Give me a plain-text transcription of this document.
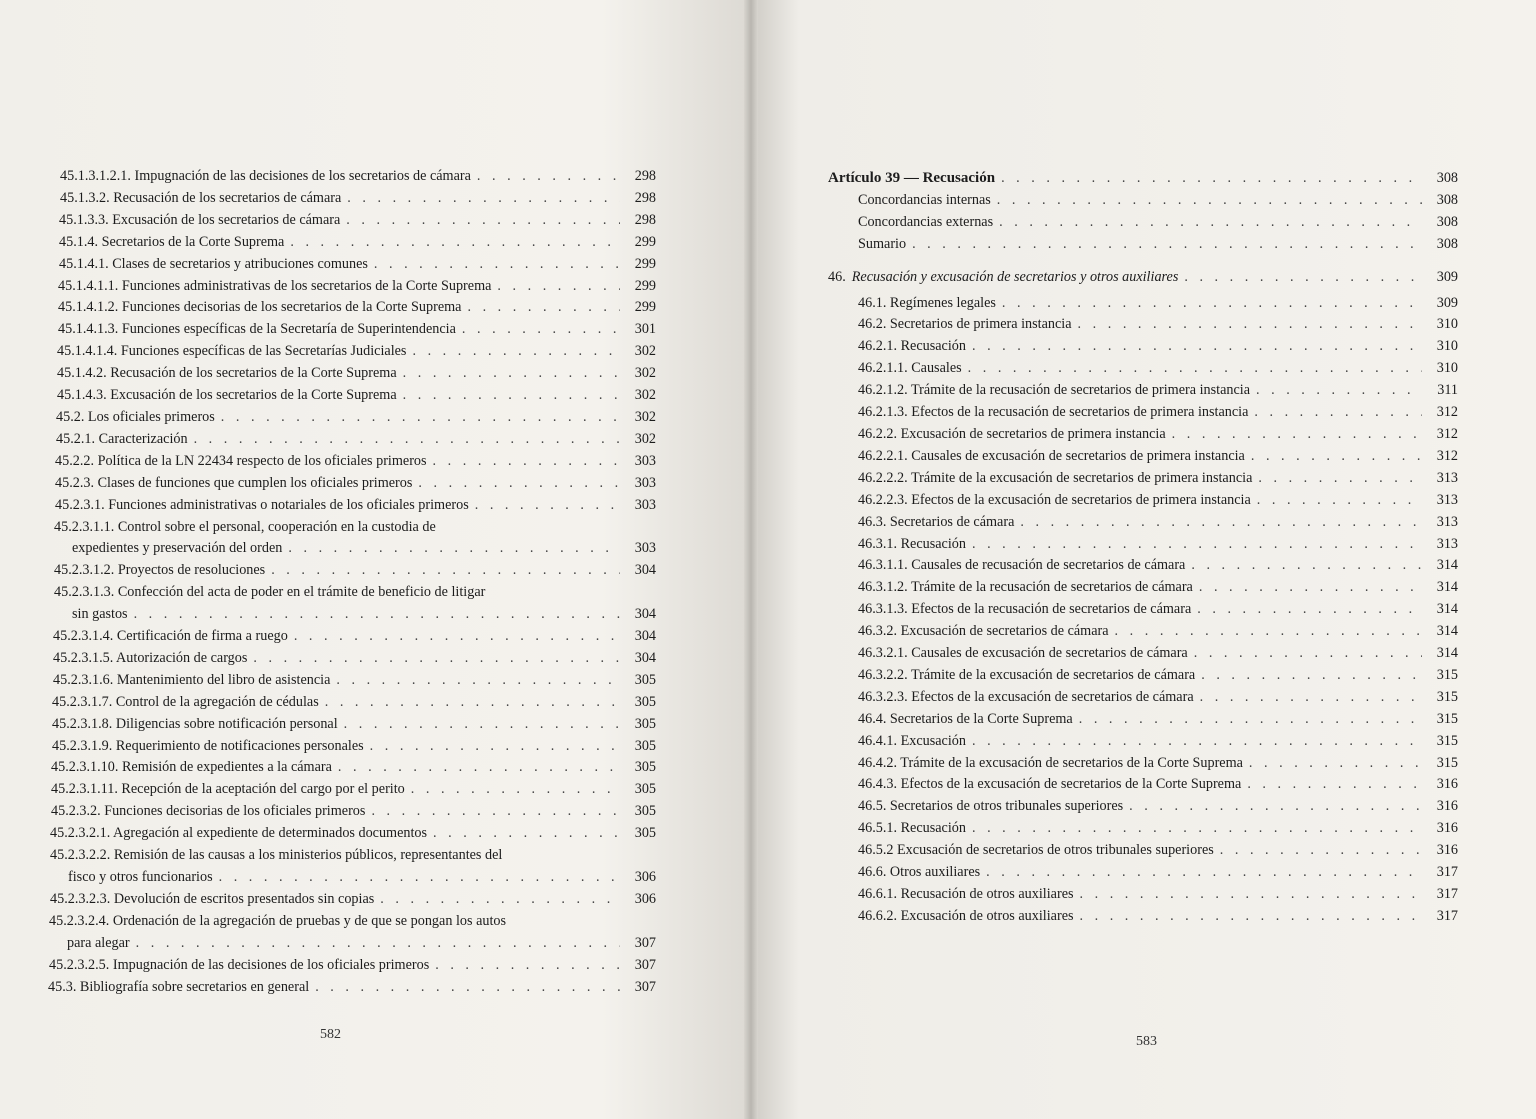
45.1.3.1.2.1. Impugnación de las decisiones de los secretarios de cámara . . .	298
45.1.3.2. Recusación de los secretarios de cámara . . .	298
45.1.3.3. Excusación de los secretarios de cámara . . .	298
45.1.4. Secretarios de la Corte Suprema . . .	299
45.1.4.1. Clases de secretarios y atribuciones comunes . . .	299
45.1.4.1.1. Funciones administrativas de los secretarios de la Corte Suprema . . .	299
45.1.4.1.2. Funciones decisorias de los secretarios de la Corte Suprema . . .	299
45.1.4.1.3. Funciones específicas de la Secretaría de Superintendencia . . .	301
45.1.4.1.4. Funciones específicas de las Secretarías Judiciales . . .	302
45.1.4.2. Recusación de los secretarios de la Corte Suprema . . .	302
45.1.4.3. Excusación de los secretarios de la Corte Suprema . . .	302
45.2. Los oficiales primeros . . .	302
45.2.1. Caracterización . . .	302
45.2.2. Política de la LN 22434 respecto de los oficiales primeros . . .	303
45.2.3. Clases de funciones que cumplen los oficiales primeros . . .	303
45.2.3.1. Funciones administrativas o notariales de los oficiales primeros . . .	303
45.2.3.1.1. Control sobre el personal, cooperación en la custodia de
expedientes y preservación del orden . . .	303
45.2.3.1.2. Proyectos de resoluciones . . .	304
45.2.3.1.3. Confección del acta de poder en el trámite de beneficio de litigar
sin gastos . . .	304
45.2.3.1.4. Certificación de firma a ruego . . .	304
45.2.3.1.5. Autorización de cargos . . .	304
45.2.3.1.6. Mantenimiento del libro de asistencia . . .	305
45.2.3.1.7. Control de la agregación de cédulas . . .	305
45.2.3.1.8. Diligencias sobre notificación personal . . .	305
45.2.3.1.9. Requerimiento de notificaciones personales . . .	305
45.2.3.1.10. Remisión de expedientes a la cámara . . .	305
45.2.3.1.11. Recepción de la aceptación del cargo por el perito . . .	305
45.2.3.2. Funciones decisorias de los oficiales primeros . . .	305
45.2.3.2.1. Agregación al expediente de determinados documentos . . .	305
45.2.3.2.2. Remisión de las causas a los ministerios públicos, representantes del
fisco y otros funcionarios . . .	306
45.2.3.2.3. Devolución de escritos presentados sin copias . . .	306
45.2.3.2.4. Ordenación de la agregación de pruebas y de que se pongan los autos
para alegar . . .	307
45.2.3.2.5. Impugnación de las decisiones de los oficiales primeros . . .	307
45.3. Bibliografía sobre secretarios en general . . .	307
582
Artículo 39 — Recusación . . .	308
Concordancias internas . . .	308
Concordancias externas . . .	308
Sumario . . .	308
46. Recusación y excusación de secretarios y otros auxiliares . . .	309
46.1. Regímenes legales . . .	309
46.2. Secretarios de primera instancia . . .	310
46.2.1. Recusación . . .	310
46.2.1.1. Causales . . .	310
46.2.1.2. Trámite de la recusación de secretarios de primera instancia . . .	311
46.2.1.3. Efectos de la recusación de secretarios de primera instancia . . .	312
46.2.2. Excusación de secretarios de primera instancia . . .	312
46.2.2.1. Causales de excusación de secretarios de primera instancia . . .	312
46.2.2.2. Trámite de la excusación de secretarios de primera instancia . . .	313
46.2.2.3. Efectos de la excusación de secretarios de primera instancia . . .	313
46.3. Secretarios de cámara . . .	313
46.3.1. Recusación . . .	313
46.3.1.1. Causales de recusación de secretarios de cámara . . .	314
46.3.1.2. Trámite de la recusación de secretarios de cámara . . .	314
46.3.1.3. Efectos de la recusación de secretarios de cámara . . .	314
46.3.2. Excusación de secretarios de cámara . . .	314
46.3.2.1. Causales de excusación de secretarios de cámara . . .	314
46.3.2.2. Trámite de la excusación de secretarios de cámara . . .	315
46.3.2.3. Efectos de la excusación de secretarios de cámara . . .	315
46.4. Secretarios de la Corte Suprema . . .	315
46.4.1. Excusación . . .	315
46.4.2. Trámite de la excusación de secretarios de la Corte Suprema . . .	315
46.4.3. Efectos de la excusación de secretarios de la Corte Suprema . . .	316
46.5. Secretarios de otros tribunales superiores . . .	316
46.5.1. Recusación . . .	316
46.5.2 Excusación de secretarios de otros tribunales superiores . . .	316
46.6. Otros auxiliares . . .	317
46.6.1. Recusación de otros auxiliares . . .	317
46.6.2. Excusación de otros auxiliares . . .	317
583
